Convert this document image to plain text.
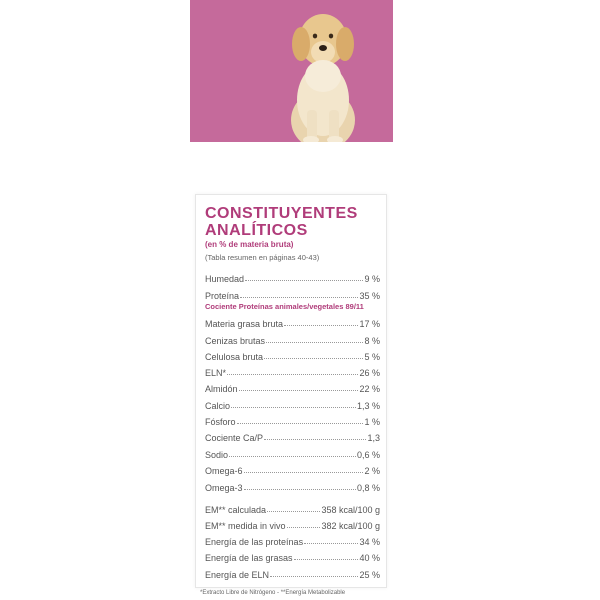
CONSTITUYENTES
ANALÍTICOS
(en % de materia bruta)
(Tabla resumen en páginas 40-43)
Humedad	9 %
Proteína	35 %
Materia grasa bruta	17 %
Cenizas brutas	8 %
Celulosa bruta	5 %
ELN*	26 %
Almidón	22 %
Calcio	1,3 %
Fósforo	1 %
Cociente Ca/P	1,3
Sodio	0,6 %
Omega-6	2 %
Omega-3	0,8 %
EM** calculada	358 kcal/100 g
EM** medida in vivo	382 kcal/100 g
Energía de las proteínas	34 %
Energía de las grasas	40 %
Energía de ELN	25 %
Cociente Proteínas animales/vegetales 89/11
*Extracto Libre de Nitrógeno - **Energía Metabolizable
